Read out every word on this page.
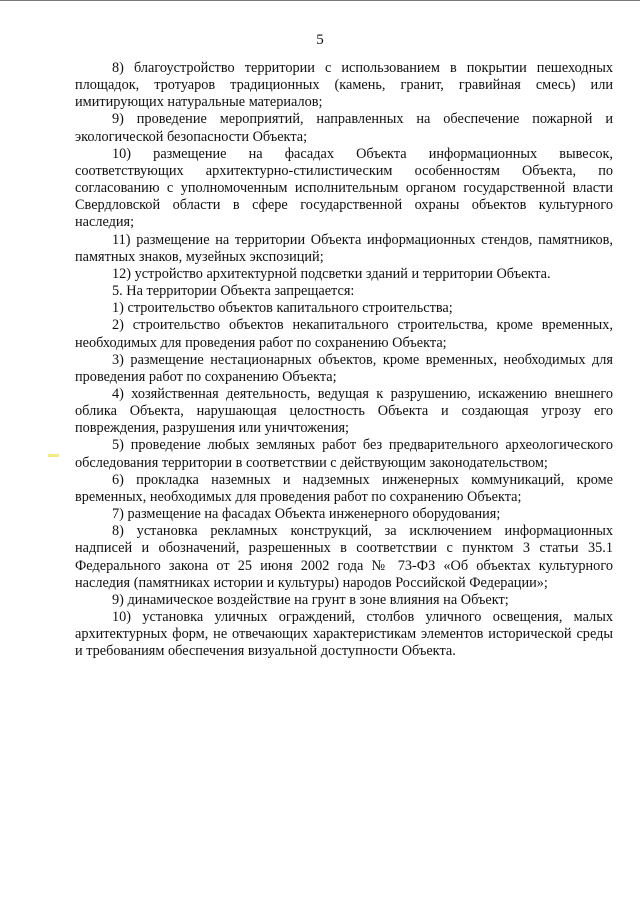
5

8) благоустройство территории с использованием в покрытии пешеходных площадок, тротуаров традиционных (камень, гранит, гравийная смесь) или имитирующих натуральные материалов;

9) проведение мероприятий, направленных на обеспечение пожарной и экологической безопасности Объекта;

10) размещение на фасадах Объекта информационных вывесок, соответствующих архитектурно-стилистическим особенностям Объекта, по согласованию с уполномоченным исполнительным органом государственной власти Свердловской области в сфере государственной охраны объектов культурного наследия;

11) размещение на территории Объекта информационных стендов, памятников, памятных знаков, музейных экспозиций;

12) устройство архитектурной подсветки зданий и территории Объекта.

5. На территории Объекта запрещается:

1) строительство объектов капитального строительства;

2) строительство объектов некапитального строительства, кроме временных, необходимых для проведения работ по сохранению Объекта;

3) размещение нестационарных объектов, кроме временных, необходимых для проведения работ по сохранению Объекта;

4) хозяйственная деятельность, ведущая к разрушению, искажению внешнего облика Объекта, нарушающая целостность Объекта и создающая угрозу его повреждения, разрушения или уничтожения;

5) проведение любых земляных работ без предварительного археологического обследования территории в соответствии с действующим законодательством;

6) прокладка наземных и надземных инженерных коммуникаций, кроме временных, необходимых для проведения работ по сохранению Объекта;

7) размещение на фасадах Объекта инженерного оборудования;

8) установка рекламных конструкций, за исключением информационных надписей и обозначений, разрешенных в соответствии с пунктом 3 статьи 35.1 Федерального закона от 25 июня 2002 года № 73-ФЗ «Об объектах культурного наследия (памятниках истории и культуры) народов Российской Федерации»;

9) динамическое воздействие на грунт в зоне влияния на Объект;

10) установка уличных ограждений, столбов уличного освещения, малых архитектурных форм, не отвечающих характеристикам элементов исторической среды и требованиям обеспечения визуальной доступности Объекта.
